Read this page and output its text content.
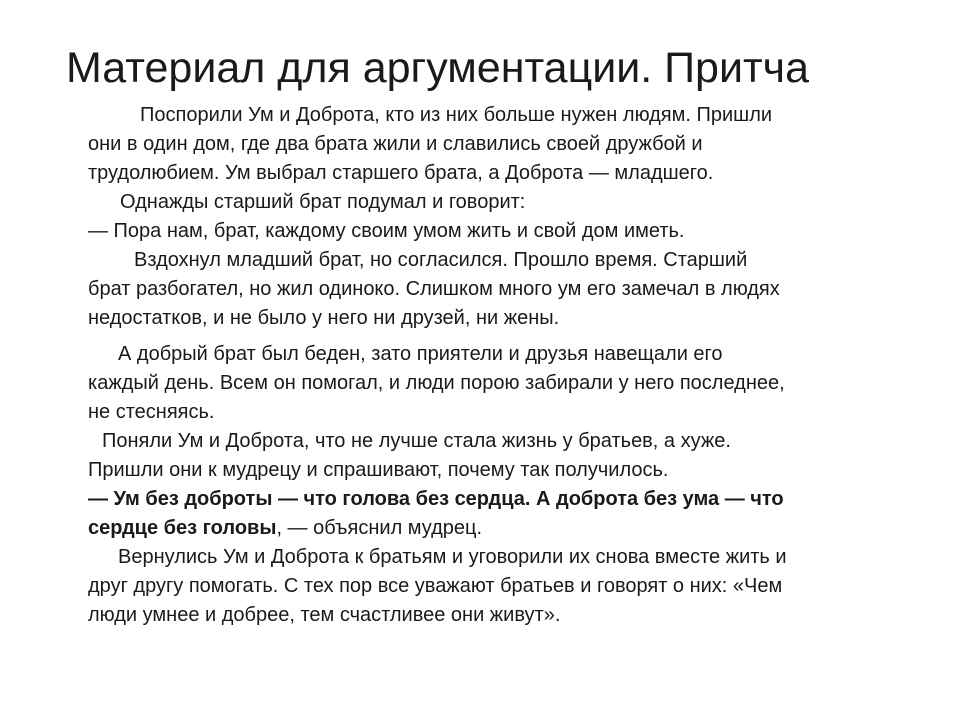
Материал для аргументации. Притча
Поспорили Ум и Доброта, кто из них больше нужен людям. Пришли
они в один дом, где два брата жили и славились своей дружбой и
трудолюбием. Ум выбрал старшего брата, а Доброта — младшего.
Однажды старший брат подумал и говорит:
— Пора нам, брат, каждому своим умом жить и свой дом иметь.
Вздохнул младший брат, но согласился. Прошло время. Старший
брат разбогател, но жил одиноко. Слишком много ум его замечал в людях
недостатков, и не было у него ни друзей, ни жены.
А добрый брат был беден, зато приятели и друзья навещали его
каждый день. Всем он помогал, и люди порою забирали у него последнее,
не стесняясь.
Поняли Ум и Доброта, что не лучше стала жизнь у братьев, а хуже.
Пришли они к мудрецу и спрашивают, почему так получилось.
— Ум без доброты — что голова без сердца. А доброта без ума — что
сердце без головы, — объяснил мудрец.
Вернулись Ум и Доброта к братьям и уговорили их снова вместе жить и
друг другу помогать. С тех пор все уважают братьев и говорят о них: «Чем
люди умнее и добрее, тем счастливее они живут».
